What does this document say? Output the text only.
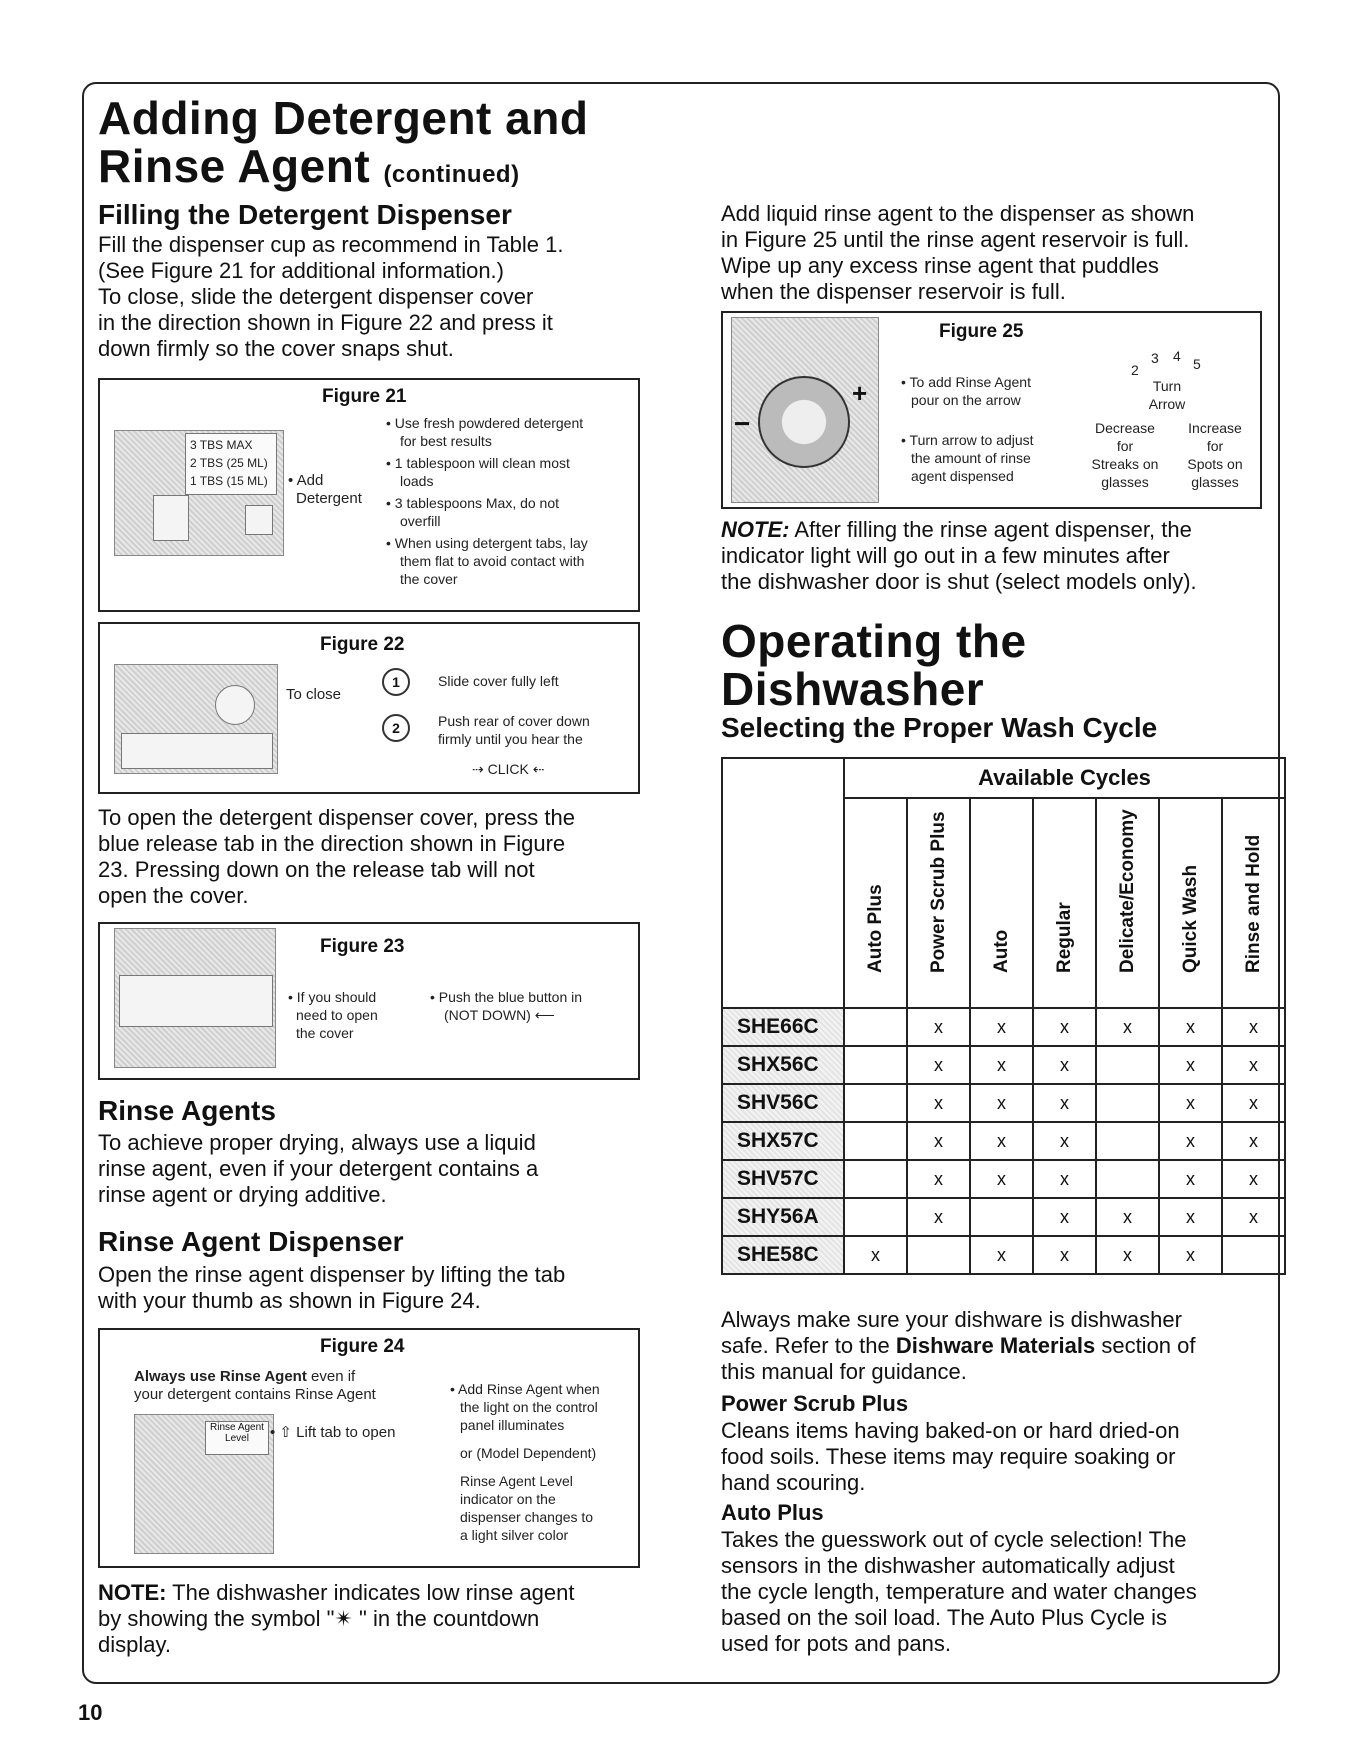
Adding Detergent and
Rinse Agent (continued)
Filling the Detergent Dispenser
Fill the dispenser cup as recommend in Table 1.
(See Figure 21 for additional information.)
To close, slide the detergent dispenser cover
in the direction shown in Figure 22 and press it
down firmly so the cover snaps shut.
Figure 21
3 TBS MAX
2 TBS (25 ML)
1 TBS (15 ML)	• Add
Detergent
• Use fresh powdered detergent
for best results
• 1 tablespoon will clean most
loads
• 3 tablespoons Max, do not
overfill
• When using detergent tabs, lay
them flat to avoid contact with
the cover
Figure 22
To close
1	Slide cover fully left
2	Push rear of cover down
firmly until you hear the
⇢ CLICK ⇠
To open the detergent dispenser cover, press the
blue release tab in the direction shown in Figure
23. Pressing down on the release tab will not
open the cover.
Figure 23
• If you should
need to open
the cover
• Push the blue button in
(NOT DOWN) ⟵
Rinse Agents
To achieve proper drying, always use a liquid
rinse agent, even if your detergent contains a
rinse agent or drying additive.
Rinse Agent Dispenser
Open the rinse agent dispenser by lifting the tab
with your thumb as shown in Figure 24.
Figure 24
Always use Rinse Agent even if
your detergent contains Rinse Agent
Rinse Agent
Level	• ⇧ Lift tab to open
• Add Rinse Agent when
the light on the control
panel illuminates
or (Model Dependent)
Rinse Agent Level
indicator on the
dispenser changes to
a light silver color
NOTE: The dishwasher indicates low rinse agent
by showing the symbol "✴ " in the countdown
display.
10
Add liquid rinse agent to the dispenser as shown
in Figure 25 until the rinse agent reservoir is full.
Wipe up any excess rinse agent that puddles
when the dispenser reservoir is full.
Figure 25
−
+	• To add Rinse Agent
pour on the arrow
• Turn arrow to adjust
the amount of rinse
agent dispensed
2
3 4 5
Turn
Arrow
Decrease
for
Streaks on
glasses
Increase
for
Spots on
glasses
NOTE: After filling the rinse agent dispenser, the
indicator light will go out in a few minutes after
the dishwasher door is shut (select models only).
Operating the
Dishwasher
Selecting the Proper Wash Cycle
	Available Cycles						

	Auto Plus	Power Scrub Plus	Auto	Regular	Delicate/Economy	Quick Wash	Rinse and Hold

SHE66C		x	x	x	x	x	x
SHX56C		x	x	x		x	x
SHV56C		x	x	x		x	x
SHX57C		x	x	x		x	x
SHV57C		x	x	x		x	x
SHY56A		x		x	x	x	x
SHE58C	x		x	x	x	x	
Always make sure your dishware is dishwasher
safe. Refer to the Dishware Materials section of
this manual for guidance.
Power Scrub Plus
Cleans items having baked-on or hard dried-on
food soils. These items may require soaking or
hand scouring.
Auto Plus
Takes the guesswork out of cycle selection! The
sensors in the dishwasher automatically adjust
the cycle length, temperature and water changes
based on the soil load. The Auto Plus Cycle is
used for pots and pans.
